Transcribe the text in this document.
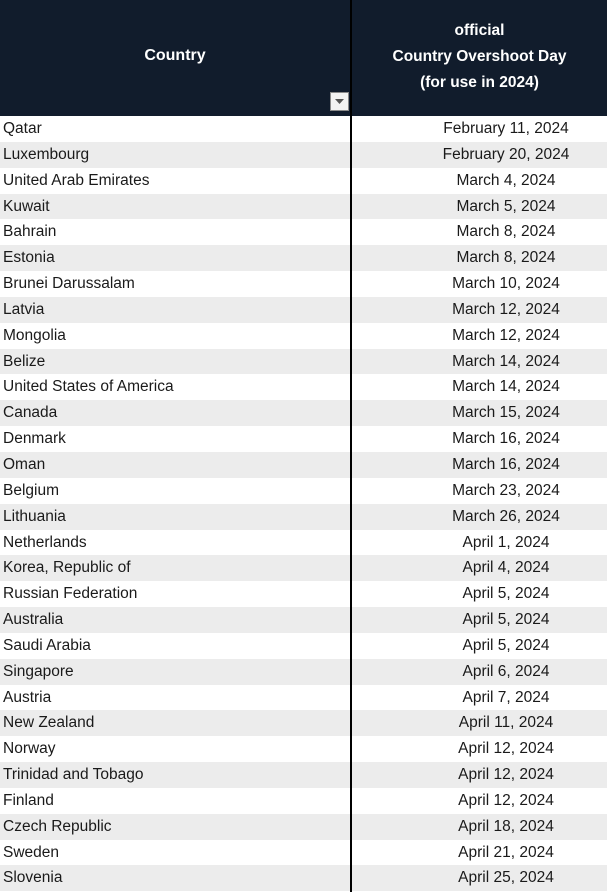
Country
official
Country Overshoot Day
(for use in 2024)
Qatar	February 11, 2024
Luxembourg	February 20, 2024
United Arab Emirates	March 4, 2024
Kuwait	March 5, 2024
Bahrain	March 8, 2024
Estonia	March 8, 2024
Brunei Darussalam	March 10, 2024
Latvia	March 12, 2024
Mongolia	March 12, 2024
Belize	March 14, 2024
United States of America	March 14, 2024
Canada	March 15, 2024
Denmark	March 16, 2024
Oman	March 16, 2024
Belgium	March 23, 2024
Lithuania	March 26, 2024
Netherlands	April 1, 2024
Korea, Republic of	April 4, 2024
Russian Federation	April 5, 2024
Australia	April 5, 2024
Saudi Arabia	April 5, 2024
Singapore	April 6, 2024
Austria	April 7, 2024
New Zealand	April 11, 2024
Norway	April 12, 2024
Trinidad and Tobago	April 12, 2024
Finland	April 12, 2024
Czech Republic	April 18, 2024
Sweden	April 21, 2024
Slovenia	April 25, 2024
